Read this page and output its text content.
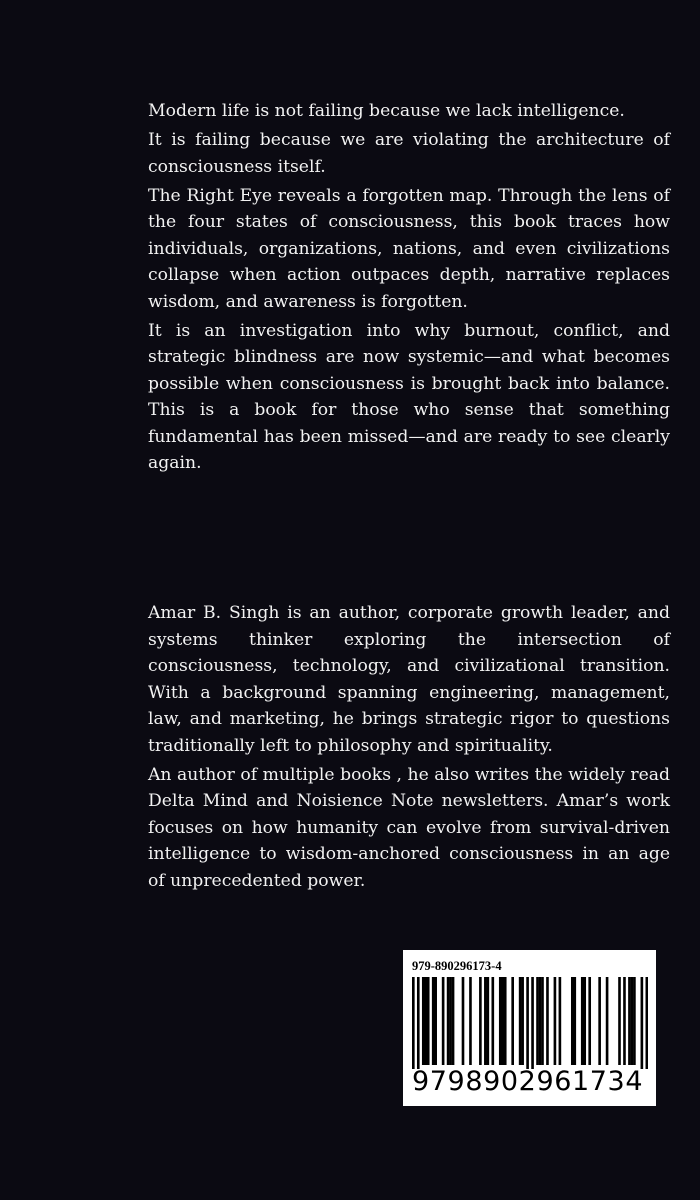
Modern life is not failing because we lack intelligence.

It is failing because we are violating the architecture of consciousness itself.

The Right Eye reveals a forgotten map. Through the lens of the four states of consciousness, this book traces how individuals, organizations, nations, and even civilizations collapse when action outpaces depth, narrative replaces wisdom, and awareness is forgotten.

It is an investigation into why burnout, conflict, and strategic blindness are now systemic—and what becomes possible when consciousness is brought back into balance. This is a book for those who sense that something fundamental has been missed—and are ready to see clearly again.

Amar B. Singh is an author, corporate growth leader, and systems thinker exploring the intersection of consciousness, technology, and civilizational transition. With a background spanning engineering, management, law, and marketing, he brings strategic rigor to questions traditionally left to philosophy and spirituality.

An author of multiple books , he also writes the widely read Delta Mind and Noisience Note newsletters. Amar’s work focuses on how humanity can evolve from survival-driven intelligence to wisdom-anchored consciousness in an age of unprecedented power.

979-890296173-4
9798902961734
